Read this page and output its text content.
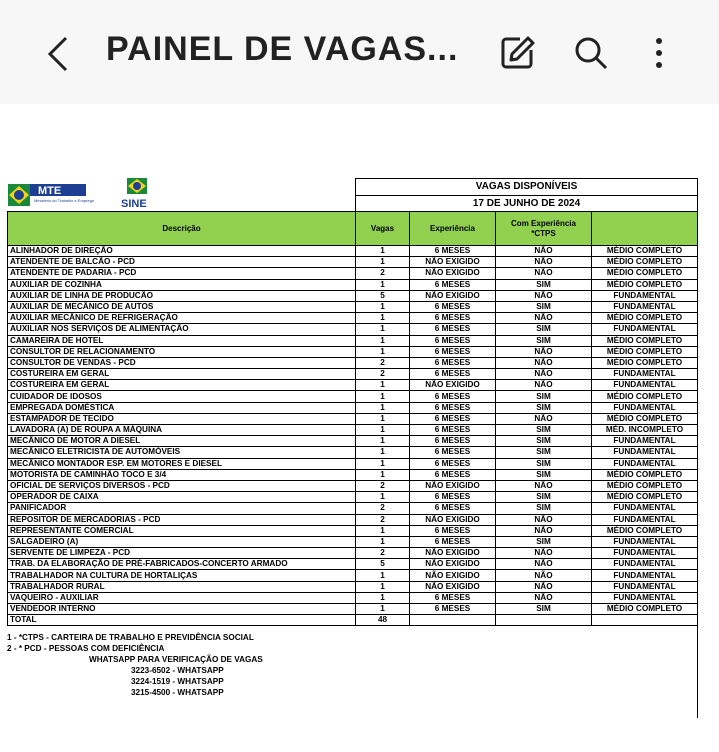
PAINEL DE VAGAS...
MTE
Ministério do Trabalho e Emprego SINE
VAGAS DISPONÍVEIS
17 DE JUNHO DE 2024
Descrição	Vagas	Experiência	Com Experiência *CTPS	
ALINHADOR DE DIREÇÃO	1	6 MESES	NÃO	MÉDIO COMPLETO
ATENDENTE DE BALCÃO - PCD	1	NÃO EXIGIDO	NÃO	MÉDIO COMPLETO
ATENDENTE DE PADARIA - PCD	2	NÃO EXIGIDO	NÃO	MÉDIO COMPLETO
AUXILIAR DE COZINHA	1	6 MESES	SIM	MÉDIO COMPLETO
AUXILIAR DE LINHA DE PRODUCÃO	5	NÃO EXIGIDO	NÃO	FUNDAMENTAL
AUXILIAR DE MECÂNICO DE AUTOS	1	6 MESES	SIM	FUNDAMENTAL
AUXILIAR MECÂNICO DE REFRIGERAÇÃO	1	6 MESES	NÃO	MÉDIO COMPLETO
AUXILIAR NOS SERVIÇOS DE ALIMENTAÇÃO	1	6 MESES	SIM	FUNDAMENTAL
CAMAREIRA DE HOTEL	1	6 MESES	SIM	MÉDIO COMPLETO
CONSULTOR DE RELACIONAMENTO	1	6 MESES	NÃO	MÉDIO COMPLETO
CONSULTOR DE VENDAS - PCD	2	6 MESES	NÃO	MÉDIO COMPLETO
COSTUREIRA EM GERAL	2	6 MESES	NÃO	FUNDAMENTAL
COSTUREIRA EM GERAL	1	NÃO EXIGIDO	NÃO	FUNDAMENTAL
CUIDADOR DE IDOSOS	1	6 MESES	SIM	MÉDIO COMPLETO
EMPREGADA DOMÉSTICA	1	6 MESES	SIM	FUNDAMENTAL
ESTAMPADOR DE TECIDO	1	6 MESES	NÃO	MÉDIO COMPLETO
LAVADORA (A) DE ROUPA A MÁQUINA	1	6 MESES	SIM	MÉD. INCOMPLETO
MECÂNICO DE MOTOR A DIESEL	1	6 MESES	SIM	FUNDAMENTAL
MECÂNICO ELETRICISTA DE AUTOMÓVEIS	1	6 MESES	SIM	FUNDAMENTAL
MECÂNICO MONTADOR ESP. EM MOTORES E DIESEL	1	6 MESES	SIM	FUNDAMENTAL
MOTORISTA DE CAMINHÃO TOCO E 3/4	1	6 MESES	SIM	MÉDIO COMPLETO
OFICIAL DE SERVIÇOS DIVERSOS - PCD	2	NÃO EXIGIDO	NÃO	MÉDIO COMPLETO
OPERADOR DE CAIXA	1	6 MESES	SIM	MÉDIO COMPLETO
PANIFICADOR	2	6 MESES	SIM	FUNDAMENTAL
REPOSITOR DE MERCADORIAS - PCD	2	NÃO EXIGIDO	NÃO	FUNDAMENTAL
REPRESENTANTE COMERCIAL	1	6 MESES	NÃO	MÉDIO COMPLETO
SALGADEIRO (A)	1	6 MESES	SIM	FUNDAMENTAL
SERVENTE DE LIMPEZA - PCD	2	NÃO EXIGIDO	NÃO	FUNDAMENTAL
TRAB. DA ELABORAÇÃO DE PRÉ-FABRICADOS-CONCERTO ARMADO	5	NÃO EXIGIDO	NÃO	FUNDAMENTAL
TRABALHADOR NA CULTURA DE HORTALIÇAS	1	NÃO EXIGIDO	NÃO	FUNDAMENTAL
TRABALHADOR RURAL	1	NÃO EXIGIDO	NÃO	FUNDAMENTAL
VAQUEIRO - AUXILIAR	1	6 MESES	NÃO	FUNDAMENTAL
VENDEDOR INTERNO	1	6 MESES	SIM	MÉDIO COMPLETO
TOTAL	48			
1 - *CTPS - CARTEIRA DE TRABALHO E PREVIDÊNCIA SOCIAL
2 - * PCD - PESSOAS COM DEFICIÊNCIA
WHATSAPP PARA VERIFICAÇÃO DE VAGAS
3223-6502 - WHATSAPP
3224-1519 - WHATSAPP
3215-4500 - WHATSAPP
